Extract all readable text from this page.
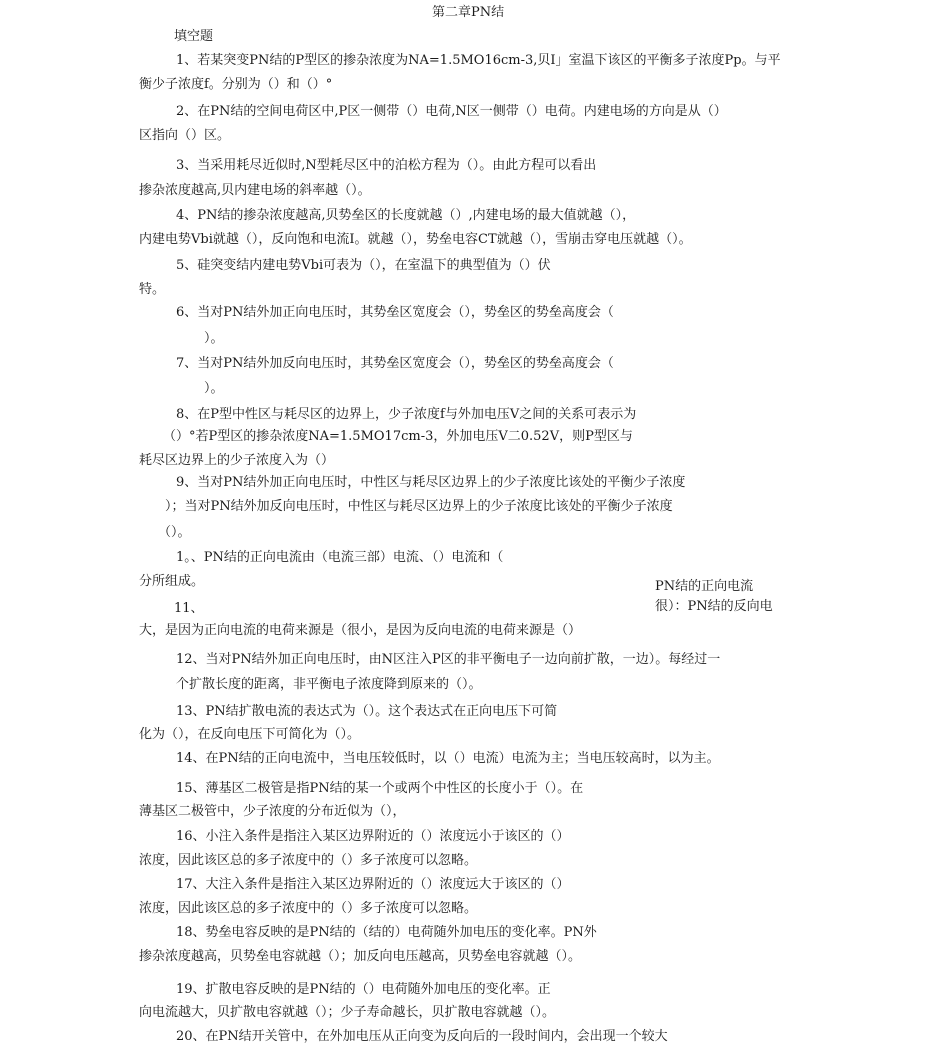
第二章PN结
填空题
1、若某突变PN结的P型区的掺杂浓度为NA=1.5MO16cm-3,贝I」室温下该区的平衡多子浓度Pp。与平
衡少子浓度f。分别为（）和（）°
2、在PN结的空间电荷区中,P区一侧带（）电荷,N区一侧带（）电荷。内建电场的方向是从（）
区指向（）区。
3、当采用耗尽近似时,N型耗尽区中的泊松方程为（）。由此方程可以看出
掺杂浓度越高,贝内建电场的斜率越（）。
4、PN结的掺杂浓度越高,贝势垒区的长度就越（）,内建电场的最大值就越（），
内建电势Vbi就越（），反向饱和电流I。就越（），势垒电容CT就越（），雪崩击穿电压就越（）。
5、硅突变结内建电势Vbi可表为（），在室温下的典型值为（）伏
特。
6、当对PN结外加正向电压时，其势垒区宽度会（），势垒区的势垒高度会（
）。
7、当对PN结外加反向电压时，其势垒区宽度会（），势垒区的势垒高度会（
）。
8、在P型中性区与耗尽区的边界上，少子浓度f与外加电压V之间的关系可表示为
（）°若P型区的掺杂浓度NA=1.5MO17cm-3，外加电压V二0.52V，则P型区与
耗尽区边界上的少子浓度入为（）
9、当对PN结外加正向电压时，中性区与耗尽区边界上的少子浓度比该处的平衡少子浓度
）；当对PN结外加反向电压时，中性区与耗尽区边界上的少子浓度比该处的平衡少子浓度
（）。
1。、PN结的正向电流由（电流三部）电流、（）电流和（
分所组成。
11、
大，是因为正向电流的电荷来源是（很小，是因为反向电流的电荷来源是（）
PN结的正向电流
很）：PN结的反向电
12、当对PN结外加正向电压时，由N区注入P区的非平衡电子一边向前扩散，一边）。每经过一
个扩散长度的距离，非平衡电子浓度降到原来的（）。
13、PN结扩散电流的表达式为（）。这个表达式在正向电压下可简
化为（），在反向电压下可简化为（）。
14、在PN结的正向电流中，当电压较低时，以（）电流）电流为主；当电压较高时，以为主。
15、薄基区二极管是指PN结的某一个或两个中性区的长度小于（）。在
薄基区二极管中，少子浓度的分布近似为（），
16、小注入条件是指注入某区边界附近的（）浓度远小于该区的（）
浓度，因此该区总的多子浓度中的（）多子浓度可以忽略。
17、大注入条件是指注入某区边界附近的（）浓度远大于该区的（）
浓度，因此该区总的多子浓度中的（）多子浓度可以忽略。
18、势垒电容反映的是PN结的（结的）电荷随外加电压的变化率。PN外
掺杂浓度越高，贝势垒电容就越（）；加反向电压越高，贝势垒电容就越（）。
19、扩散电容反映的是PN结的（）电荷随外加电压的变化率。正
向电流越大，贝扩散电容就越（）；少子寿命越长，贝扩散电容就越（）。
20、在PN结开关管中，在外加电压从正向变为反向后的一段时间内，会出现一个较大
